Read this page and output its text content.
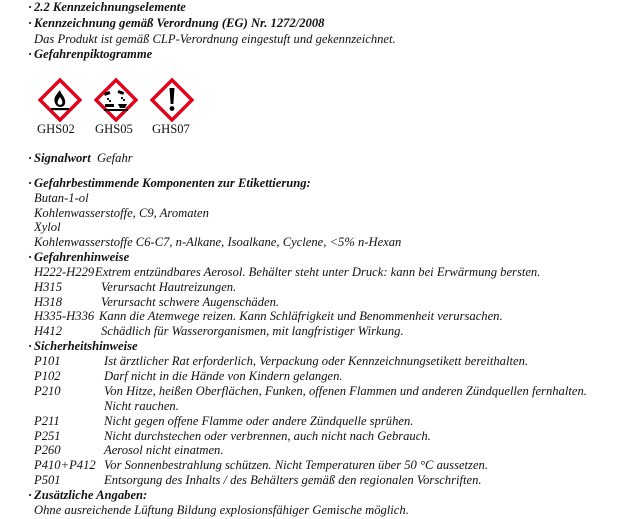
· 2.2 Kennzeichnungselemente
· Kennzeichnung gemäß Verordnung (EG) Nr. 1272/2008
Das Produkt ist gemäß CLP-Verordnung eingestuft und gekennzeichnet.
· Gefahrenpiktogramme
GHS02 GHS05 GHS07
· Signalwort Gefahr
· Gefahrbestimmende Komponenten zur Etikettierung:
Butan-1-ol
Kohlenwasserstoffe, C9, Aromaten
Xylol
Kohlenwasserstoffe C6-C7, n-Alkane, Isoalkane, Cyclene, <5% n-Hexan
· Gefahrenhinweise
H222-H229 Extrem entzündbares Aerosol. Behälter steht unter Druck: kann bei Erwärmung bersten.
H315	Verursacht Hautreizungen.
H318	Verursacht schwere Augenschäden.
H335-H336 Kann die Atemwege reizen. Kann Schläfrigkeit und Benommenheit verursachen.
H412	Schädlich für Wasserorganismen, mit langfristiger Wirkung.
· Sicherheitshinweise
P101	Ist ärztlicher Rat erforderlich, Verpackung oder Kennzeichnungsetikett bereithalten.
P102	Darf nicht in die Hände von Kindern gelangen.
P210	Von Hitze, heißen Oberflächen, Funken, offenen Flammen und anderen Zündquellen fernhalten.
Nicht rauchen.
P211	Nicht gegen offene Flamme oder andere Zündquelle sprühen.
P251	Nicht durchstechen oder verbrennen, auch nicht nach Gebrauch.
P260	Aerosol nicht einatmen.
P410+P412 Vor Sonnenbestrahlung schützen. Nicht Temperaturen über 50 °C aussetzen.
P501	Entsorgung des Inhalts / des Behälters gemäß den regionalen Vorschriften.
· Zusätzliche Angaben:
Ohne ausreichende Lüftung Bildung explosionsfähiger Gemische möglich.
